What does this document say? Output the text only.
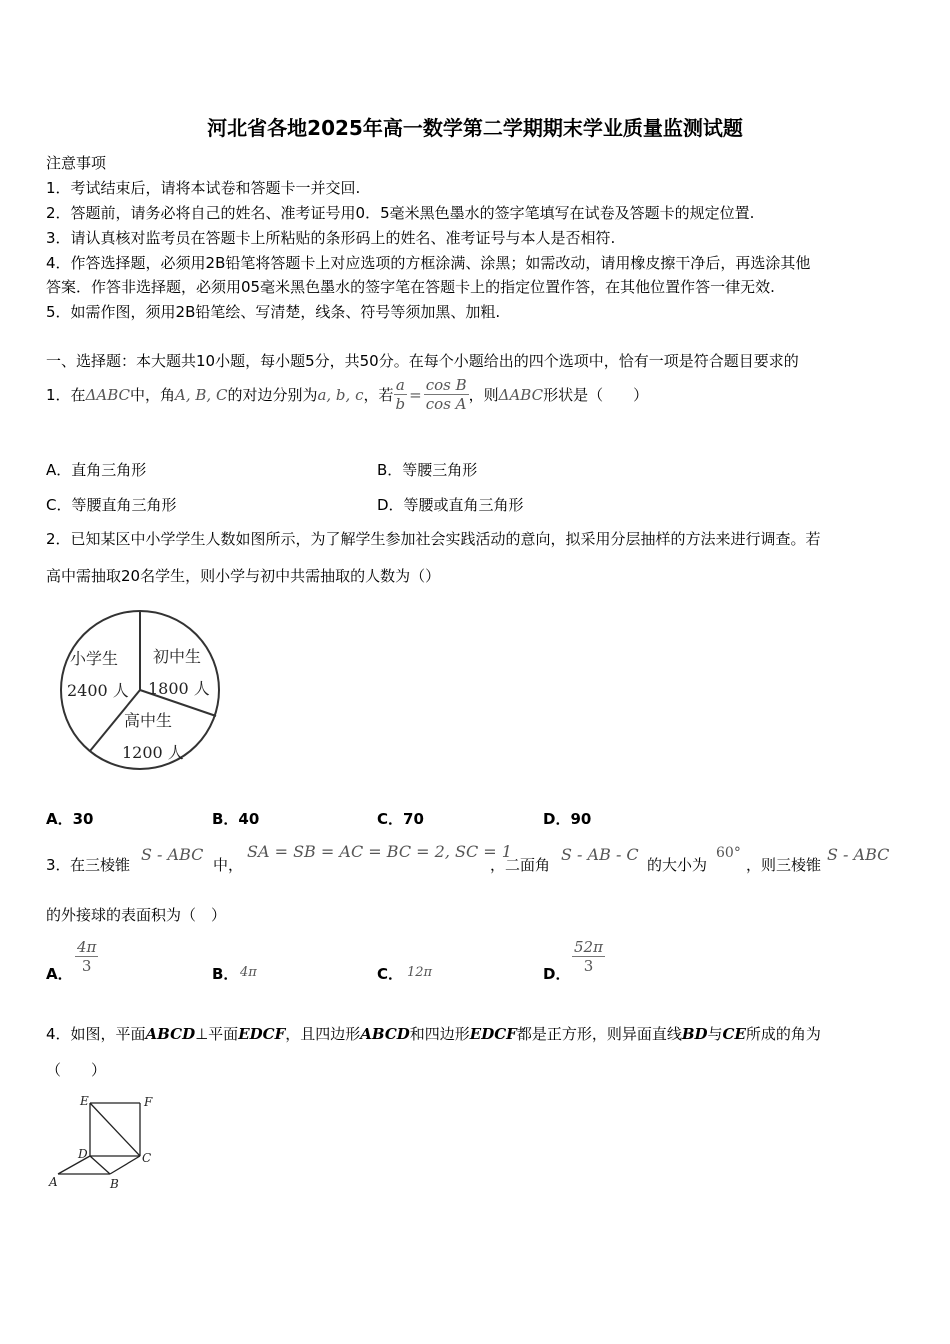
河北省各地2025年高一数学第二学期期末学业质量监测试题
注意事项
1．考试结束后，请将本试卷和答题卡一并交回.
2．答题前，请务必将自己的姓名、准考证号用0．5毫米黑色墨水的签字笔填写在试卷及答题卡的规定位置.
3．请认真核对监考员在答题卡上所粘贴的条形码上的姓名、准考证号与本人是否相符.
4．作答选择题，必须用2B铅笔将答题卡上对应选项的方框涂满、涂黑；如需改动，请用橡皮擦干净后，再选涂其他
答案．作答非选择题，必须用05毫米黑色墨水的签字笔在答题卡上的指定位置作答，在其他位置作答一律无效.
5．如需作图，须用2B铅笔绘、写清楚，线条、符号等须加黑、加粗.
一、选择题：本大题共10小题，每小题5分，共50分。在每个小题给出的四个选项中，恰有一项是符合题目要求的
1． 在 ΔABC 中，角 A, B, C 的对边分别为 a, b, c ，若 $\frac{a}{b} = \frac{\text{cos B}}{\text{cos A}}$ ，则 ΔABC 形状是（　　）
A．直角三角形	B．等腰三角形
C．等腰直角三角形	D．等腰或直角三角形
2．已知某区中小学学生人数如图所示，为了解学生参加社会实践活动的意向，拟采用分层抽样的方法来进行调查。若
高中需抽取20名学生，则小学与初中共需抽取的人数为（）
小学生
2400 人
初中生
1800 人
高中生
1200 人
A．30	B．40	C．70	D．90
3． 在三棱锥
S - ABC
中，
SA = SB = AC = BC = 2, SC = 1
，二面角
S - AB - C
的大小为
60°
，则三棱锥
S - ABC
的外接球的表面积为（　）
A． $\frac{4\pi}{3}$	B． 4π	C． 12π	D． $\frac{52\pi}{3}$
4．如图，平面ABCD⊥平面EDCF，且四边形ABCD和四边形EDCF都是正方形，则异面直线BD与CE所成的角为
（　　）
E	F
D	C
A	B
